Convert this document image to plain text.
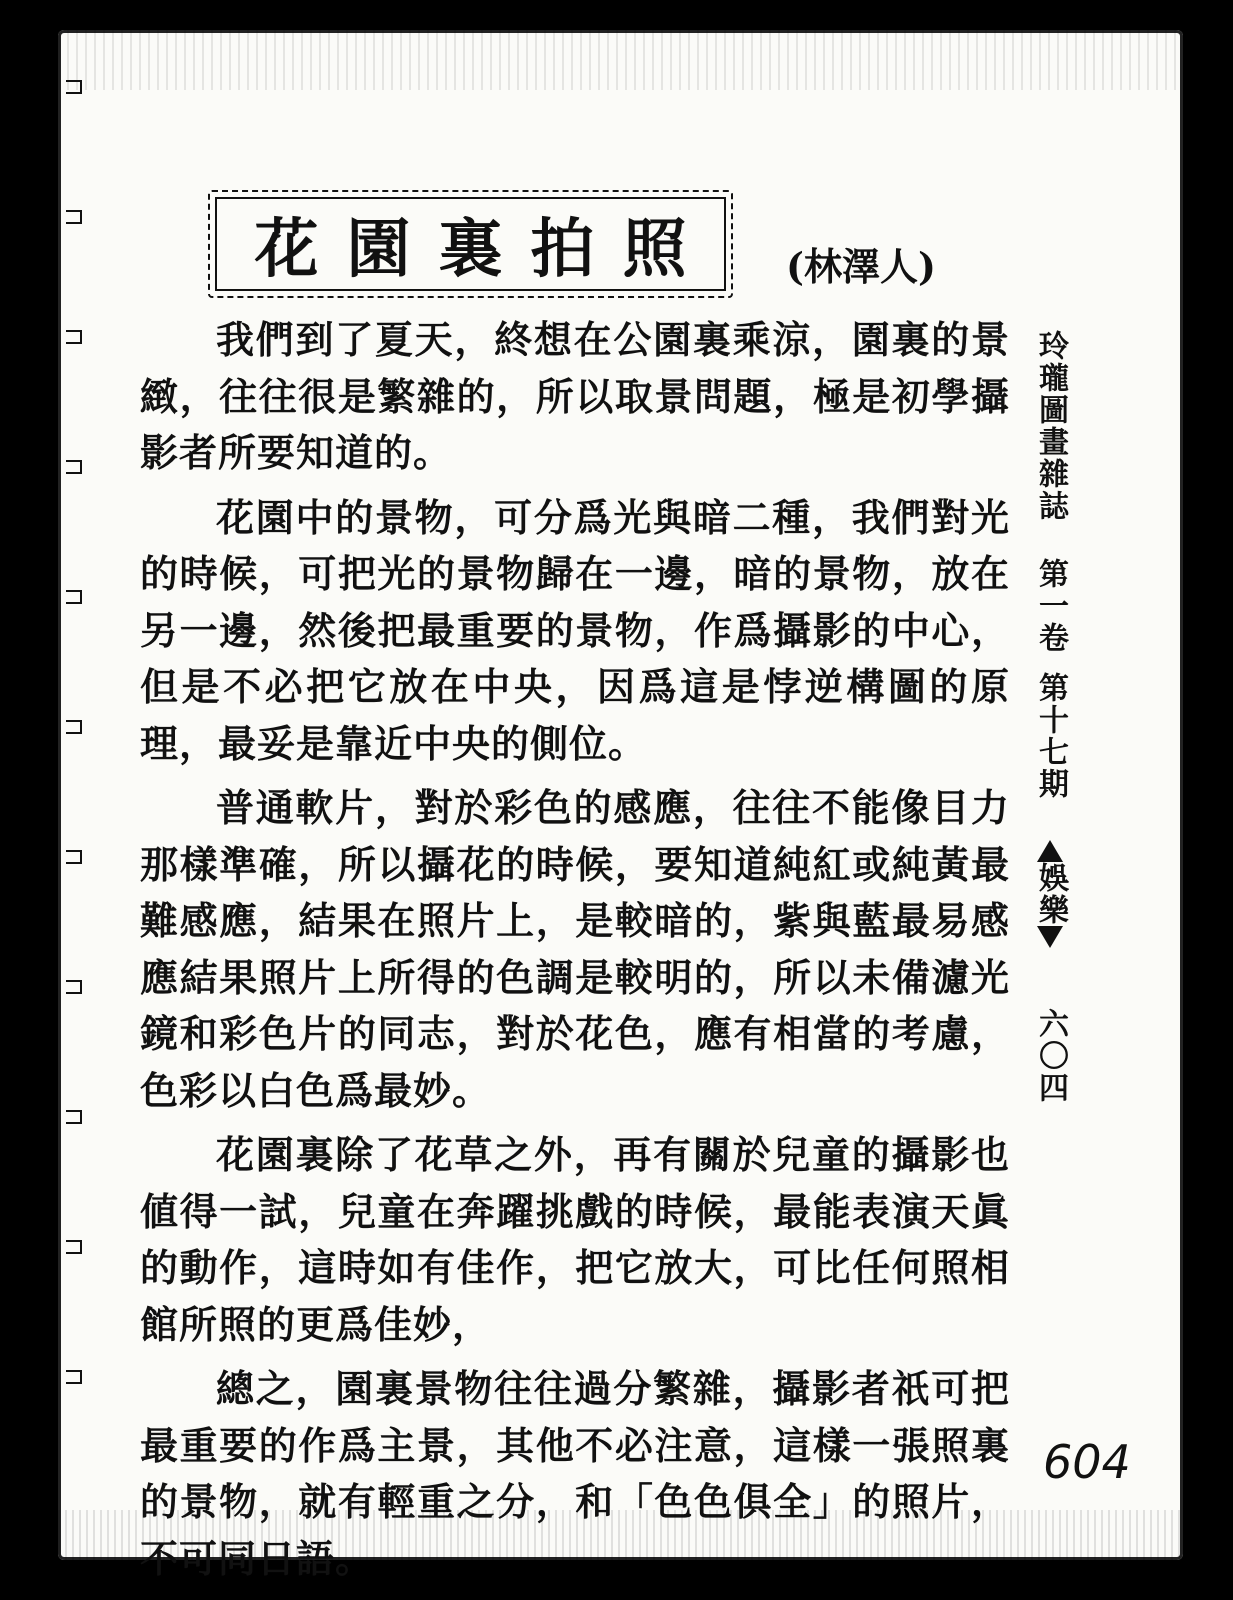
花園裏拍照 (林澤人)

我們到了夏天，終想在公園裏乘涼，園裏的景緻，往往很是繁雜的，所以取景問題，極是初學攝影者所要知道的。

花園中的景物，可分爲光與暗二種，我們對光的時候，可把光的景物歸在一邊，暗的景物，放在另一邊，然後把最重要的景物，作爲攝影的中心，但是不必把它放在中央，因爲這是悖逆構圖的原理，最妥是靠近中央的側位。

普通軟片，對於彩色的感應，往往不能像目力那樣準確，所以攝花的時候，要知道純紅或純黃最難感應，結果在照片上，是較暗的，紫與藍最易感應結果照片上所得的色調是較明的，所以未備濾光鏡和彩色片的同志，對於花色，應有相當的考慮，色彩以白色爲最妙。

花園裏除了花草之外，再有關於兒童的攝影也値得一試，兒童在奔躍挑戲的時候，最能表演天眞的動作，這時如有佳作，把它放大，可比任何照相館所照的更爲佳妙，

總之，園裏景物往往過分繁雜，攝影者祇可把最重要的作爲主景，其他不必注意，這樣一張照裏的景物，就有輕重之分，和「色色俱全」的照片，不可同日語。

玲瓏圖畫雜誌
第一卷
第十七期
娛樂
六〇四
604
